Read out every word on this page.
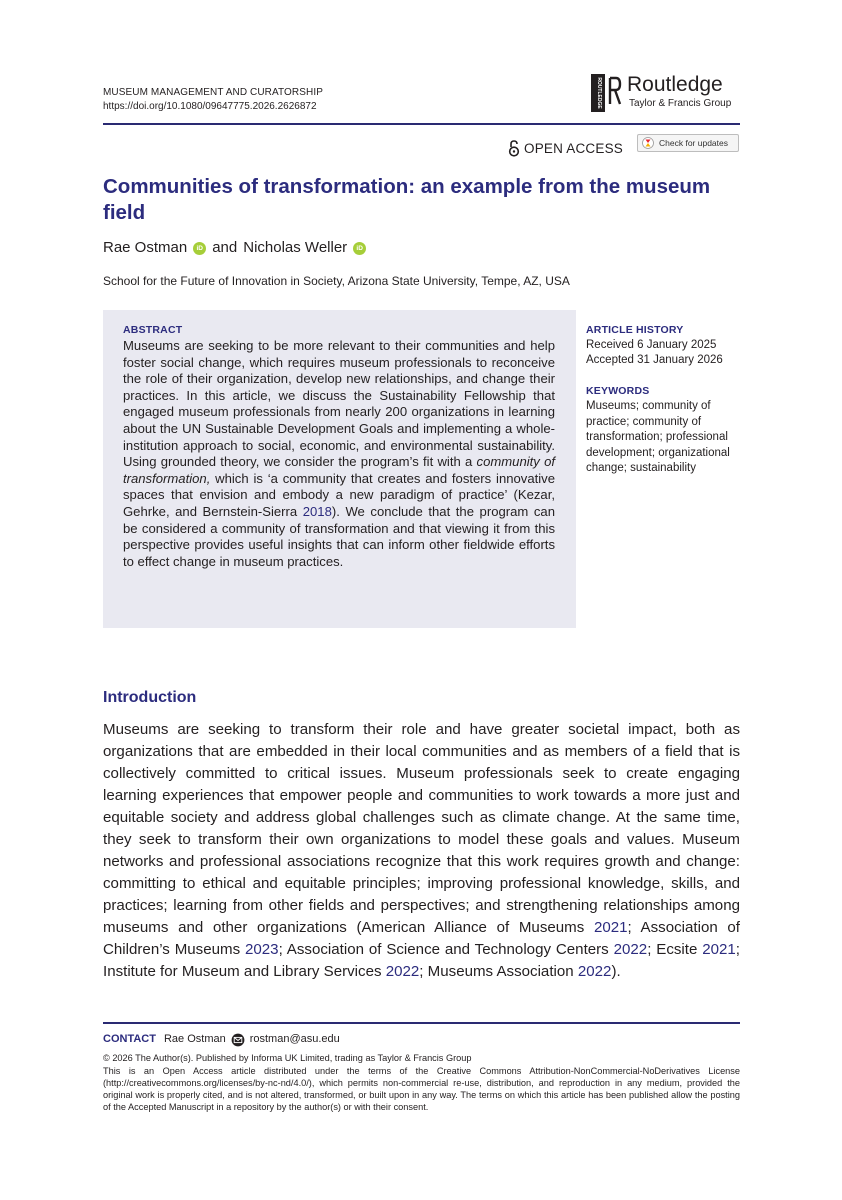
MUSEUM MANAGEMENT AND CURATORSHIP
https://doi.org/10.1080/09647775.2026.2626872	ROUTLEDGE Routledge
Taylor & Francis Group
OPEN ACCESS	Check for updates
Communities of transformation: an example from the museum field
Rae Ostman	iD and Nicholas Weller	iD
School for the Future of Innovation in Society, Arizona State University, Tempe, AZ, USA
ABSTRACT

Museums are seeking to be more relevant to their communities and help foster social change, which requires museum professionals to reconceive the role of their organization, develop new relationships, and change their practices. In this article, we discuss the Sustainability Fellowship that engaged museum professionals from nearly 200 organizations in learning about the UN Sustainable Development Goals and implementing a whole-institution approach to social, economic, and environmental sustainability. Using grounded theory, we consider the program’s fit with a community of transformation, which is ‘a community that creates and fosters innovative spaces that envision and embody a new paradigm of practice’ (Kezar, Gehrke, and Bernstein-Sierra 2018). We conclude that the program can be considered a community of transformation and that viewing it from this perspective provides useful insights that can inform other fieldwide efforts to effect change in museum practices.

ARTICLE HISTORY
Received 6 January 2025
Accepted 31 January 2026
KEYWORDS

Museums; community of practice; community of transformation; professional development; organizational change; sustainability

Introduction

Museums are seeking to transform their role and have greater societal impact, both as organizations that are embedded in their local communities and as members of a field that is collectively committed to critical issues. Museum professionals seek to create engaging learning experiences that empower people and communities to work towards a more just and equitable society and address global challenges such as climate change. At the same time, they seek to transform their own organizations to model these goals and values. Museum networks and professional associations recognize that this work requires growth and change: committing to ethical and equitable principles; improving professional knowledge, skills, and practices; learning from other fields and perspectives; and strengthening relationships among museums and other organizations (American Alliance of Museums 2021; Association of Children’s Museums 2023; Association of Science and Technology Centers 2022; Ecsite 2021; Institute for Museum and Library Services 2022; Museums Association 2022).

CONTACT Rae Ostman rostman@asu.edu
© 2026 The Author(s). Published by Informa UK Limited, trading as Taylor & Francis Group

This is an Open Access article distributed under the terms of the Creative Commons Attribution-NonCommercial-NoDerivatives License (http://creativecommons.org/licenses/by-nc-nd/4.0/), which permits non-commercial re-use, distribution, and reproduction in any medium, provided the original work is properly cited, and is not altered, transformed, or built upon in any way. The terms on which this article has been published allow the posting of the Accepted Manuscript in a repository by the author(s) or with their consent.
